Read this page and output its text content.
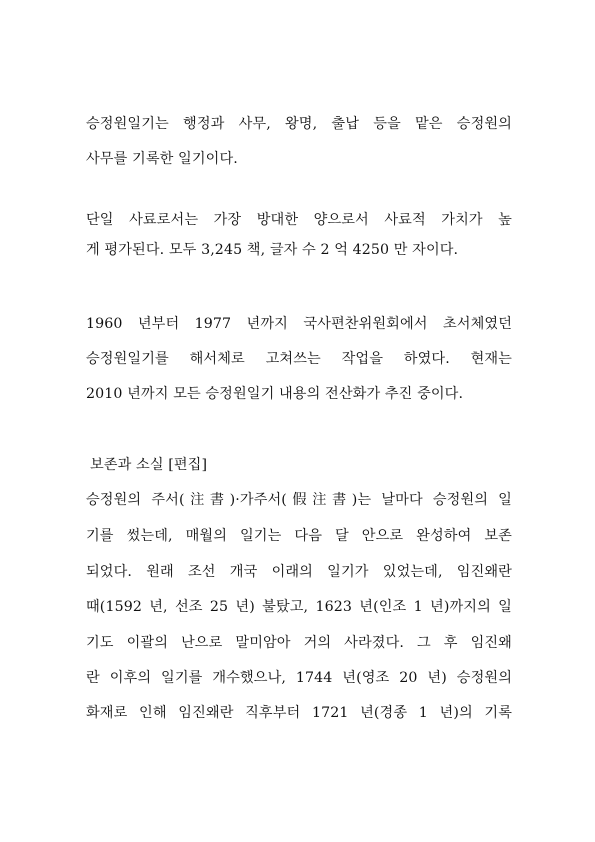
승정원일기는 행정과 사무, 왕명, 출납 등을 맡은 승정원의
사무를 기록한 일기이다.
단일 사료로서는 가장 방대한 양으로서 사료적 가치가 높
게 평가된다. 모두 3,245 책, 글자 수 2 억 4250 만 자이다.
1960 년부터 1977 년까지 국사편찬위원회에서 초서체였던
승정원일기를 해서체로 고쳐쓰는 작업을 하였다. 현재는
2010 년까지 모든 승정원일기 내용의 전산화가 추진 중이다.
보존과 소실 [편집]
승정원의 주서(注書)·가주서(假注書)는 날마다 승정원의 일
기를 썼는데, 매월의 일기는 다음 달 안으로 완성하여 보존
되었다. 원래 조선 개국 이래의 일기가 있었는데, 임진왜란
때(1592 년, 선조 25 년) 불탔고, 1623 년(인조 1 년)까지의 일
기도 이괄의 난으로 말미암아 거의 사라졌다. 그 후 임진왜
란 이후의 일기를 개수했으나, 1744 년(영조 20 년) 승정원의
화재로 인해 임진왜란 직후부터 1721 년(경종 1 년)의 기록
